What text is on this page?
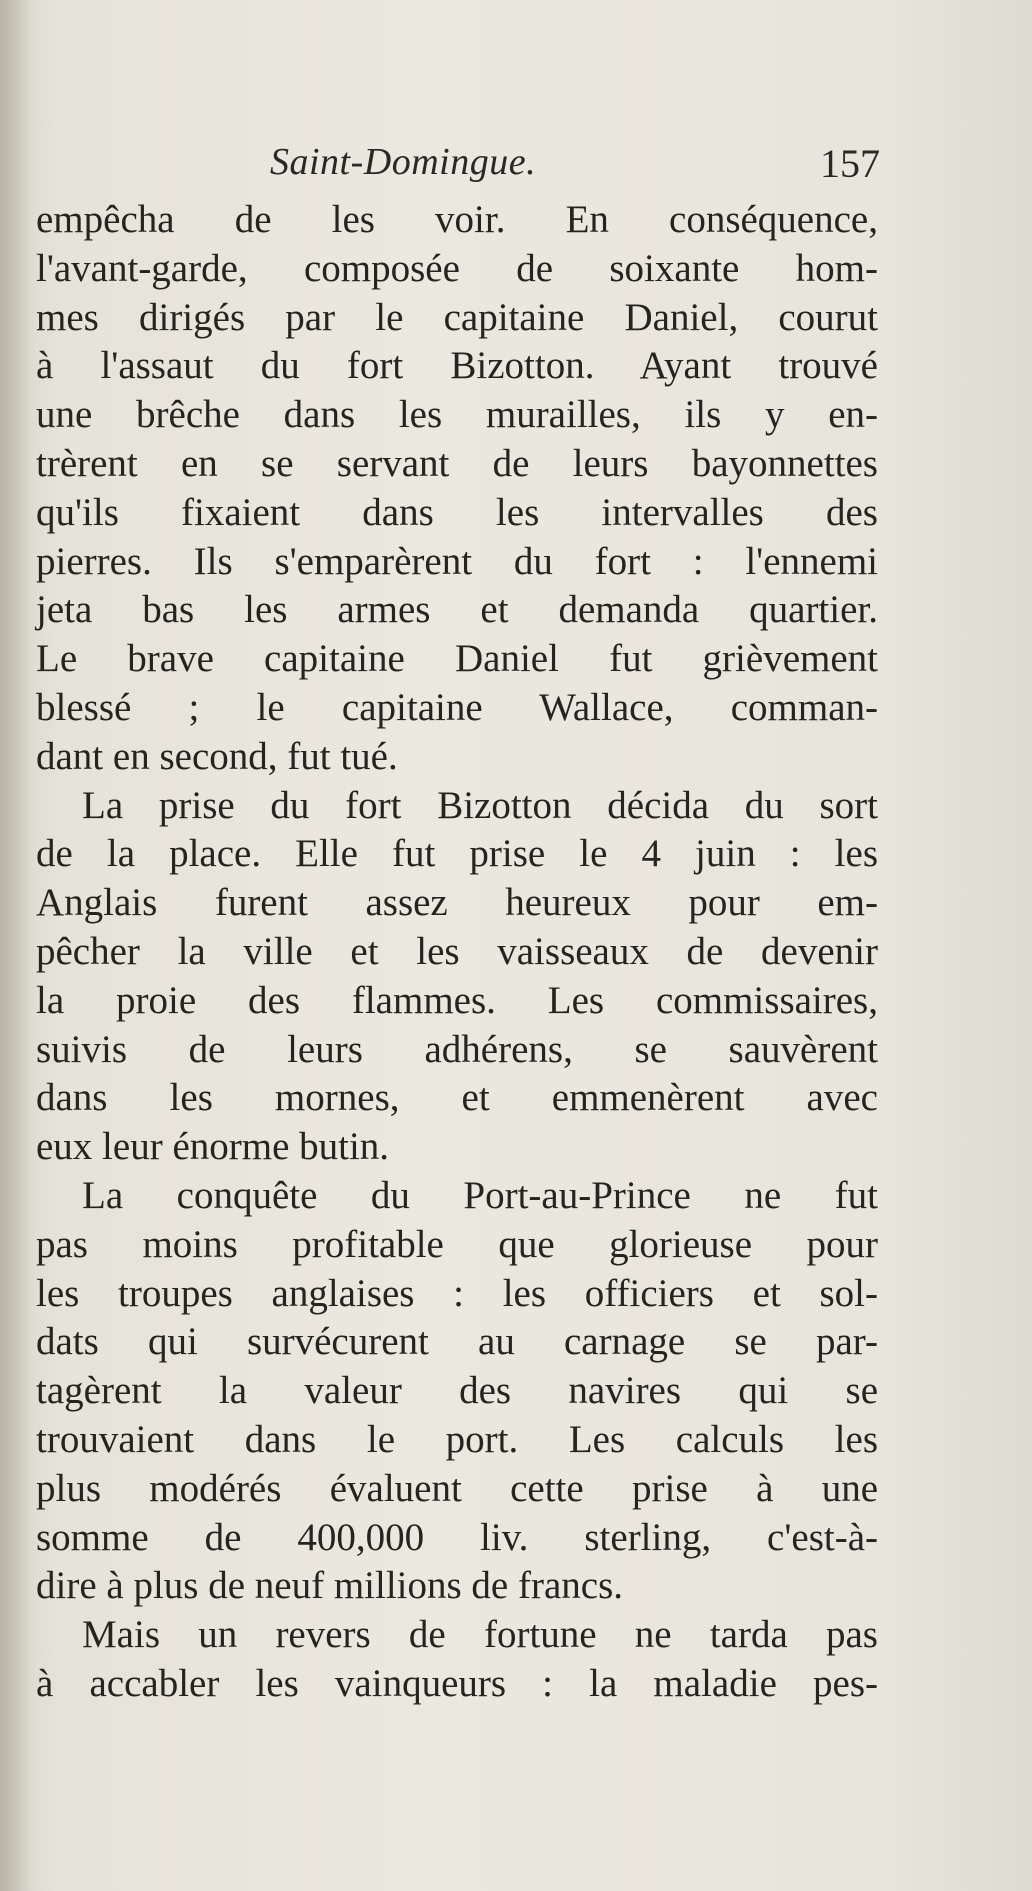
Saint-Domingue.	157
empêcha de les voir. En conséquence,
l'avant-garde, composée de soixante hom-
mes dirigés par le capitaine Daniel, courut
à l'assaut du fort Bizotton. Ayant trouvé
une brêche dans les murailles, ils y en-
trèrent en se servant de leurs bayonnettes
qu'ils fixaient dans les intervalles des
pierres. Ils s'emparèrent du fort : l'ennemi
jeta bas les armes et demanda quartier.
Le brave capitaine Daniel fut grièvement
blessé ; le capitaine Wallace, comman-
dant en second, fut tué.
La prise du fort Bizotton décida du sort
de la place. Elle fut prise le 4 juin : les
Anglais furent assez heureux pour em-
pêcher la ville et les vaisseaux de devenir
la proie des flammes. Les commissaires,
suivis de leurs adhérens, se sauvèrent
dans les mornes, et emmenèrent avec
eux leur énorme butin.
La conquête du Port-au-Prince ne fut
pas moins profitable que glorieuse pour
les troupes anglaises : les officiers et sol-
dats qui survécurent au carnage se par-
tagèrent la valeur des navires qui se
trouvaient dans le port. Les calculs les
plus modérés évaluent cette prise à une
somme de 400,000 liv. sterling, c'est-à-
dire à plus de neuf millions de francs.
Mais un revers de fortune ne tarda pas
à accabler les vainqueurs : la maladie pes-
